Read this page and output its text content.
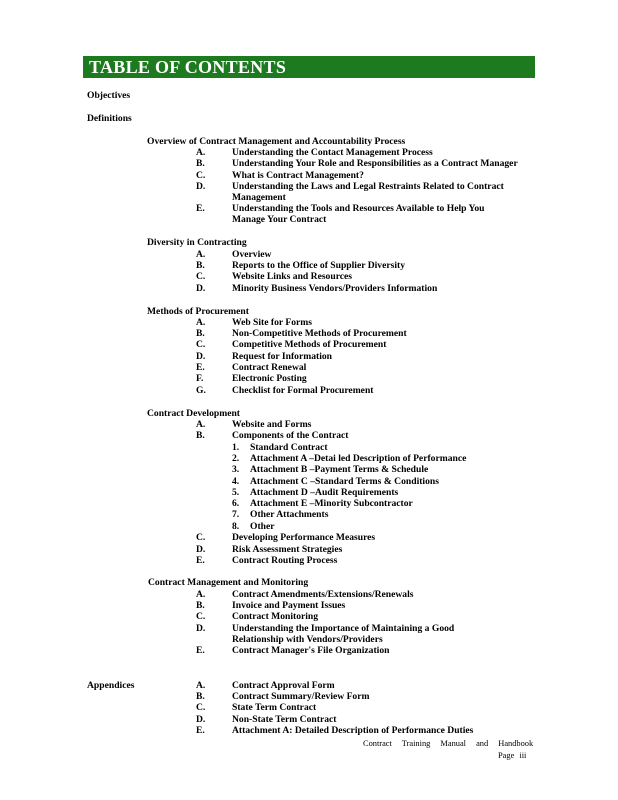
TABLE OF CONTENTS
Objectives
Definitions
Overview of Contract Management and Accountability Process
A.	Understanding the Contact Management Process
B.	Understanding Your Role and Responsibilities as a Contract Manager
C.	What is Contract Management?
D.	Understanding the Laws and Legal Restraints Related to Contract
Management
E.	Understanding the Tools and Resources Available to Help You
Manage Your Contract
Diversity in Contracting
A.	Overview
B.	Reports to the Office of Supplier Diversity
C.	Website Links and Resources
D.	Minority Business Vendors/Providers Information
Methods of Procurement
A.	Web Site for Forms
B.	Non-Competitive Methods of Procurement
C.	Competitive Methods of Procurement
D.	Request for Information
E.	Contract Renewal
F.	Electronic Posting
G.	Checklist for Formal Procurement
Contract Development
A.	Website and Forms
B.	Components of the Contract
1. Standard Contract
2. Attachment A –Detai led Description of Performance
3. Attachment B –Payment Terms & Schedule
4. Attachment C –Standard Terms & Conditions
5. Attachment D –Audit Requirements
6. Attachment E –Minority Subcontractor
7. Other Attachments
8. Other
C.	Developing Performance Measures
D.	Risk Assessment Strategies
E.	Contract Routing Process
Contract Management and Monitoring
A.	Contract Amendments/Extensions/Renewals
B.	Invoice and Payment Issues
C.	Contract Monitoring
D.	Understanding the Importance of Maintaining a Good
Relationship with Vendors/Providers
E.	Contract Manager's File Organization
Appendices	A.	Contract Approval Form
B.	Contract Summary/Review Form
C.	State Term Contract
D.	Non-State Term Contract
E.	Attachment A: Detailed Description of Performance Duties
Contract Training Manual and Handbook
Page iii
